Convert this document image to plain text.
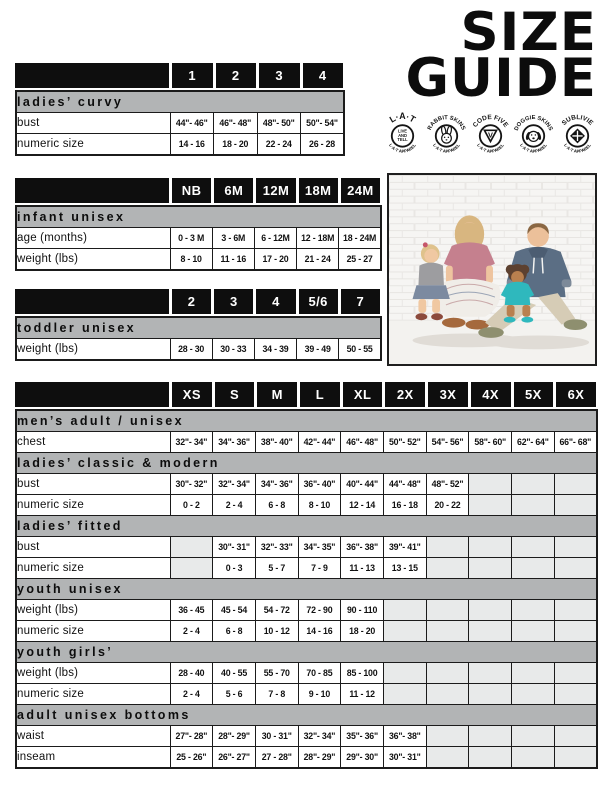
SIZE
GUIDE
L·A·T
LIVE
AND
TELL
L·A·T APPAREL
RABBIT SKINS
L·A·T APPAREL
CODE FIVE
V
L·A·T APPAREL
DOGGIE SKINS
L·A·T APPAREL
SUBLIVIE
L·A·T APPAREL
1	2	3	4
ladies’ curvy				
bust	44"- 46"	46"- 48"	48"- 50"	50"- 54"
numeric size	14 - 16	18 - 20	22 - 24	26 - 28
NB	6M	12M	18M	24M
infant unisex					
age (months)	0 - 3 M	3 - 6M	6 - 12M	12 - 18M	18 - 24M
weight (lbs)	8 - 10	11 - 16	17 - 20	21 - 24	25 - 27
2	3	4	5/6	7
toddler unisex
weight (lbs)	28 - 30	30 - 33	34 - 39	39 - 49	50 - 55
XS	S	M	L	XL	2X	3X	4X	5X	6X
men’s adult / unisex										
chest	32"- 34"	34"- 36"	38"- 40"	42"- 44"	46"- 48"	50"- 52"	54"- 56"	58"- 60"	62"- 64"	66"- 68"
ladies’ classic & modern										
bust	30"- 32"	32"- 34"	34"- 36"	36"- 40"	40"- 44"	44"- 48"	48"- 52"			
numeric size	0 - 2	2 - 4	6 - 8	8 - 10	12 - 14	16 - 18	20 - 22			
ladies’ fitted										
bust		30"- 31"	32"- 33"	34"- 35"	36"- 38"	39"- 41"				
numeric size		0 - 3	5 - 7	7 - 9	11 - 13	13 - 15				
youth unisex										
weight (lbs)	36 - 45	45 - 54	54 - 72	72 - 90	90 - 110					
numeric size	2 - 4	6 - 8	10 - 12	14 - 16	18 - 20					
youth girls’										
weight (lbs)	28 - 40	40 - 55	55 - 70	70 - 85	85 - 100					
numeric size	2 - 4	5 - 6	7 - 8	9 - 10	11 - 12					
adult unisex bottoms										
waist	27"- 28"	28"- 29"	30 - 31"	32"- 34"	35"- 36"	36"- 38"				
inseam	25 - 26"	26"- 27"	27 - 28"	28"- 29"	29"- 30"	30"- 31"				
